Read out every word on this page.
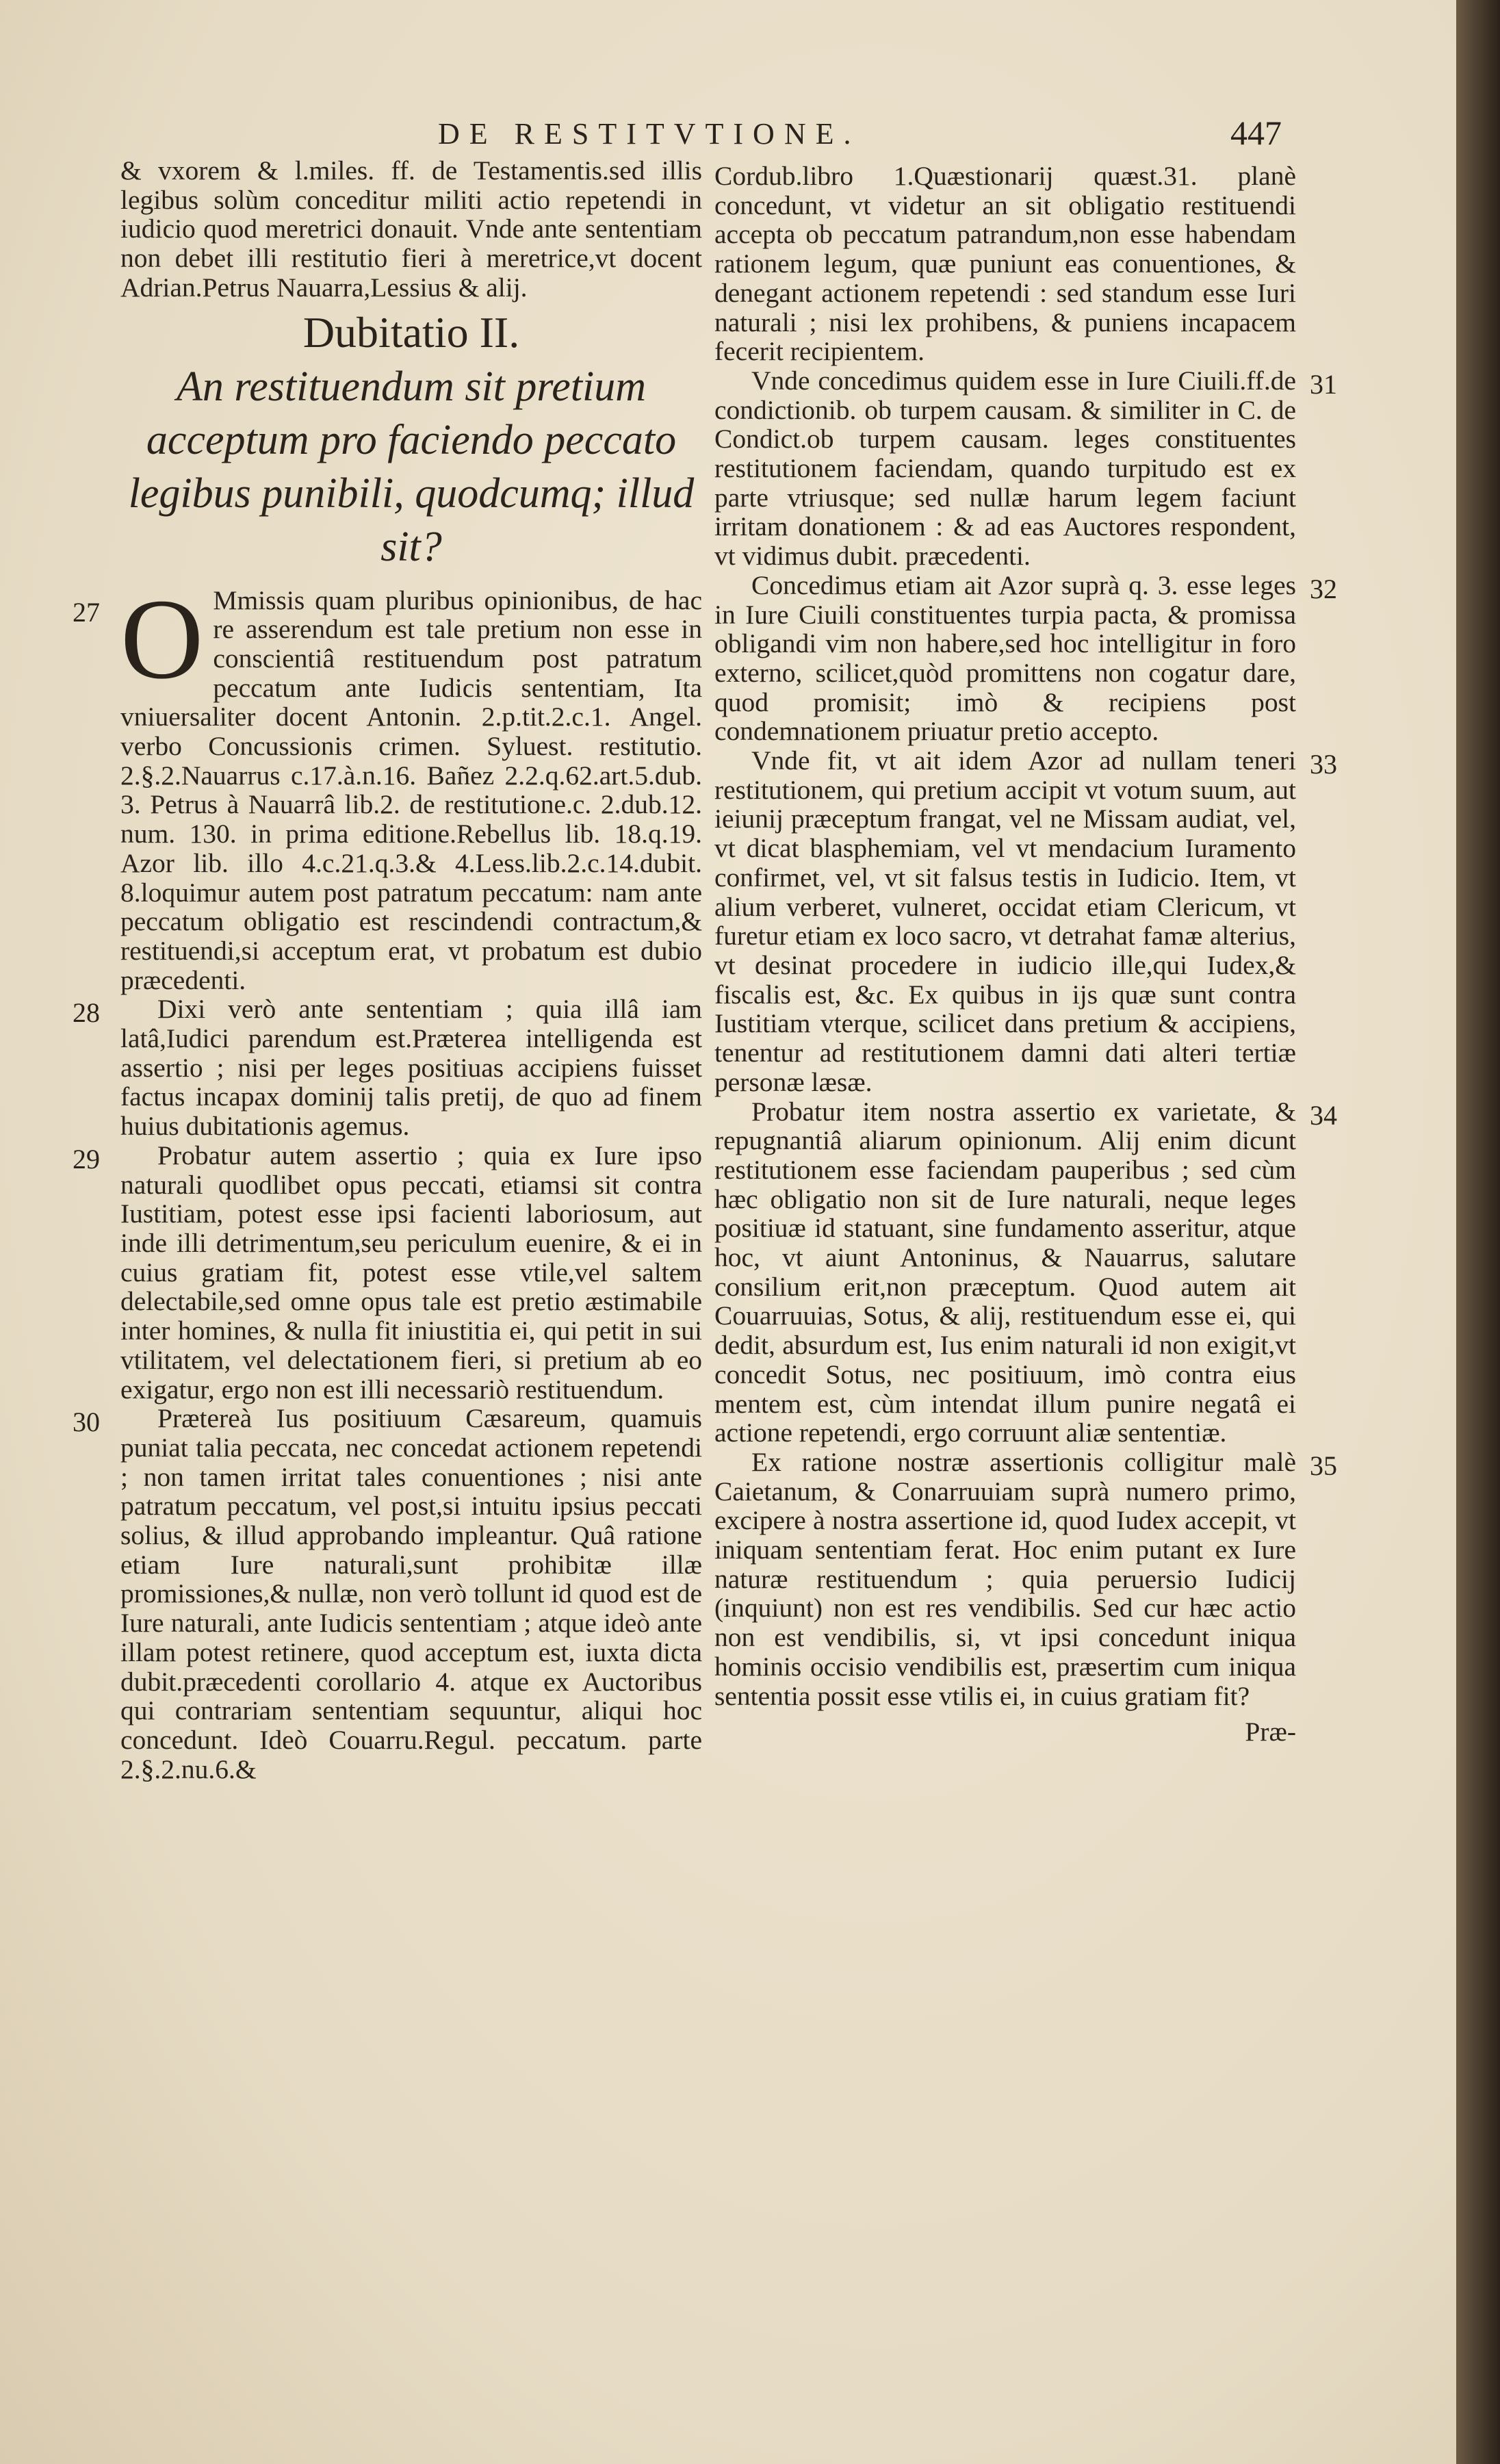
DE RESTITVTIONE.	447

& vxorem & l.miles. ff. de Testamentis.sed illis legibus solùm conceditur militi actio repetendi in iudicio quod meretrici donauit. Vnde ante sententiam non debet illi restitutio fieri à meretrice,vt docent Adrian.Petrus Nauarra,Lessius & alij.

Dubitatio II.
An restituendum sit pretium acceptum pro faciendo peccato legibus punibili, quodcumq; illud sit?
27 O Mmissis quam pluribus opinionibus, de hac re asserendum est tale pretium non esse in conscientiâ restituendum post patratum peccatum ante Iudicis sententiam, Ita vniuersaliter docent Antonin. 2.p.tit.2.c.1. Angel. verbo Concussionis crimen. Syluest. restitutio. 2.§.2.Nauarrus c.17.à.n.16. Bañez 2.2.q.62.art.5.dub. 3. Petrus à Nauarrâ lib.2. de restitutione.c. 2.dub.12. num. 130. in prima editione.Rebellus lib. 18.q.19. Azor lib. illo 4.c.21.q.3.& 4.Less.lib.2.c.14.dubit. 8.loquimur autem post patratum peccatum: nam ante peccatum obligatio est rescindendi contractum,& restituendi,si acceptum erat, vt probatum est dubio præcedenti.
28	Dixi verò ante sententiam ; quia illâ iam latâ,Iudici parendum est.Præterea intelligenda est assertio ; nisi per leges positiuas accipiens fuisset factus incapax dominij talis pretij, de quo ad finem huius dubitationis agemus.

29	Probatur autem assertio ; quia ex Iure ipso naturali quodlibet opus peccati, etiamsi sit contra Iustitiam, potest esse ipsi facienti laboriosum, aut inde illi detrimentum,seu periculum euenire, & ei in cuius gratiam fit, potest esse vtile,vel saltem delectabile,sed omne opus tale est pretio æstimabile inter homines, & nulla fit iniustitia ei, qui petit in sui vtilitatem, vel delectationem fieri, si pretium ab eo exigatur, ergo non est illi necessariò restituendum.

30	Prætereà Ius positiuum Cæsareum, quamuis puniat talia peccata, nec concedat actionem repetendi ; non tamen irritat tales conuentiones ; nisi ante patratum peccatum, vel post,si intuitu ipsius peccati solius, & illud approbando impleantur. Quâ ratione etiam Iure naturali,sunt prohibitæ illæ promissiones,& nullæ, non verò tollunt id quod est de Iure naturali, ante Iudicis sententiam ; atque ideò ante illam potest retinere, quod acceptum est, iuxta dicta dubit.præcedenti corollario 4. atque ex Auctoribus qui contrariam sententiam sequuntur, aliqui hoc concedunt. Ideò Couarru.Regul. peccatum. parte 2.§.2.nu.6.&

Cordub.libro 1.Quæstionarij quæst.31. planè concedunt, vt videtur an sit obligatio restituendi accepta ob peccatum patrandum,non esse habendam rationem legum, quæ puniunt eas conuentiones, & denegant actionem repetendi : sed standum esse Iuri naturali ; nisi lex prohibens, & puniens incapacem fecerit recipientem.

31

Vnde concedimus quidem esse in Iure Ciuili.ff.de condictionib. ob turpem causam. & similiter in C. de Condict.ob turpem causam. leges constituentes restitutionem faciendam, quando turpitudo est ex parte vtriusque; sed nullæ harum legem faciunt irritam donationem : & ad eas Auctores respondent, vt vidimus dubit. præcedenti.

32

Concedimus etiam ait Azor suprà q. 3. esse leges in Iure Ciuili constituentes turpia pacta, & promissa obligandi vim non habere,sed hoc intelligitur in foro externo, scilicet,quòd promittens non cogatur dare, quod promisit; imò & recipiens post condemnationem priuatur pretio accepto.

33

Vnde fit, vt ait idem Azor ad nullam teneri restitutionem, qui pretium accipit vt votum suum, aut ieiunij præceptum frangat, vel ne Missam audiat, vel, vt dicat blasphemiam, vel vt mendacium Iuramento confirmet, vel, vt sit falsus testis in Iudicio. Item, vt alium verberet, vulneret, occidat etiam Clericum, vt furetur etiam ex loco sacro, vt detrahat famæ alterius, vt desinat procedere in iudicio ille,qui Iudex,& fiscalis est, &c. Ex quibus in ijs quæ sunt contra Iustitiam vterque, scilicet dans pretium & accipiens, tenentur ad restitutionem damni dati alteri tertiæ personæ læsæ.

34

Probatur item nostra assertio ex varietate, & repugnantiâ aliarum opinionum. Alij enim dicunt restitutionem esse faciendam pauperibus ; sed cùm hæc obligatio non sit de Iure naturali, neque leges positiuæ id statuant, sine fundamento asseritur, atque hoc, vt aiunt Antoninus, & Nauarrus, salutare consilium erit,non præceptum. Quod autem ait Couarruuias, Sotus, & alij, restituendum esse ei, qui dedit, absurdum est, Ius enim naturali id non exigit,vt concedit Sotus, nec positiuum, imò contra eius mentem est, cùm intendat illum punire negatâ ei actione repetendi, ergo corruunt aliæ sententiæ.

35

Ex ratione nostræ assertionis colligitur malè Caietanum, & Conarruuiam suprà numero primo, excipere à nostra assertione id, quod Iudex accepit, vt iniquam sententiam ferat. Hoc enim putant ex Iure naturæ restituendum ; quia peruersio Iudicij (inquiunt) non est res vendibilis. Sed cur hæc actio non est vendibilis, si, vt ipsi concedunt iniqua hominis occisio vendibilis est, præsertim cum iniqua sententia possit esse vtilis ei, in cuius gratiam fit?

Præ-
